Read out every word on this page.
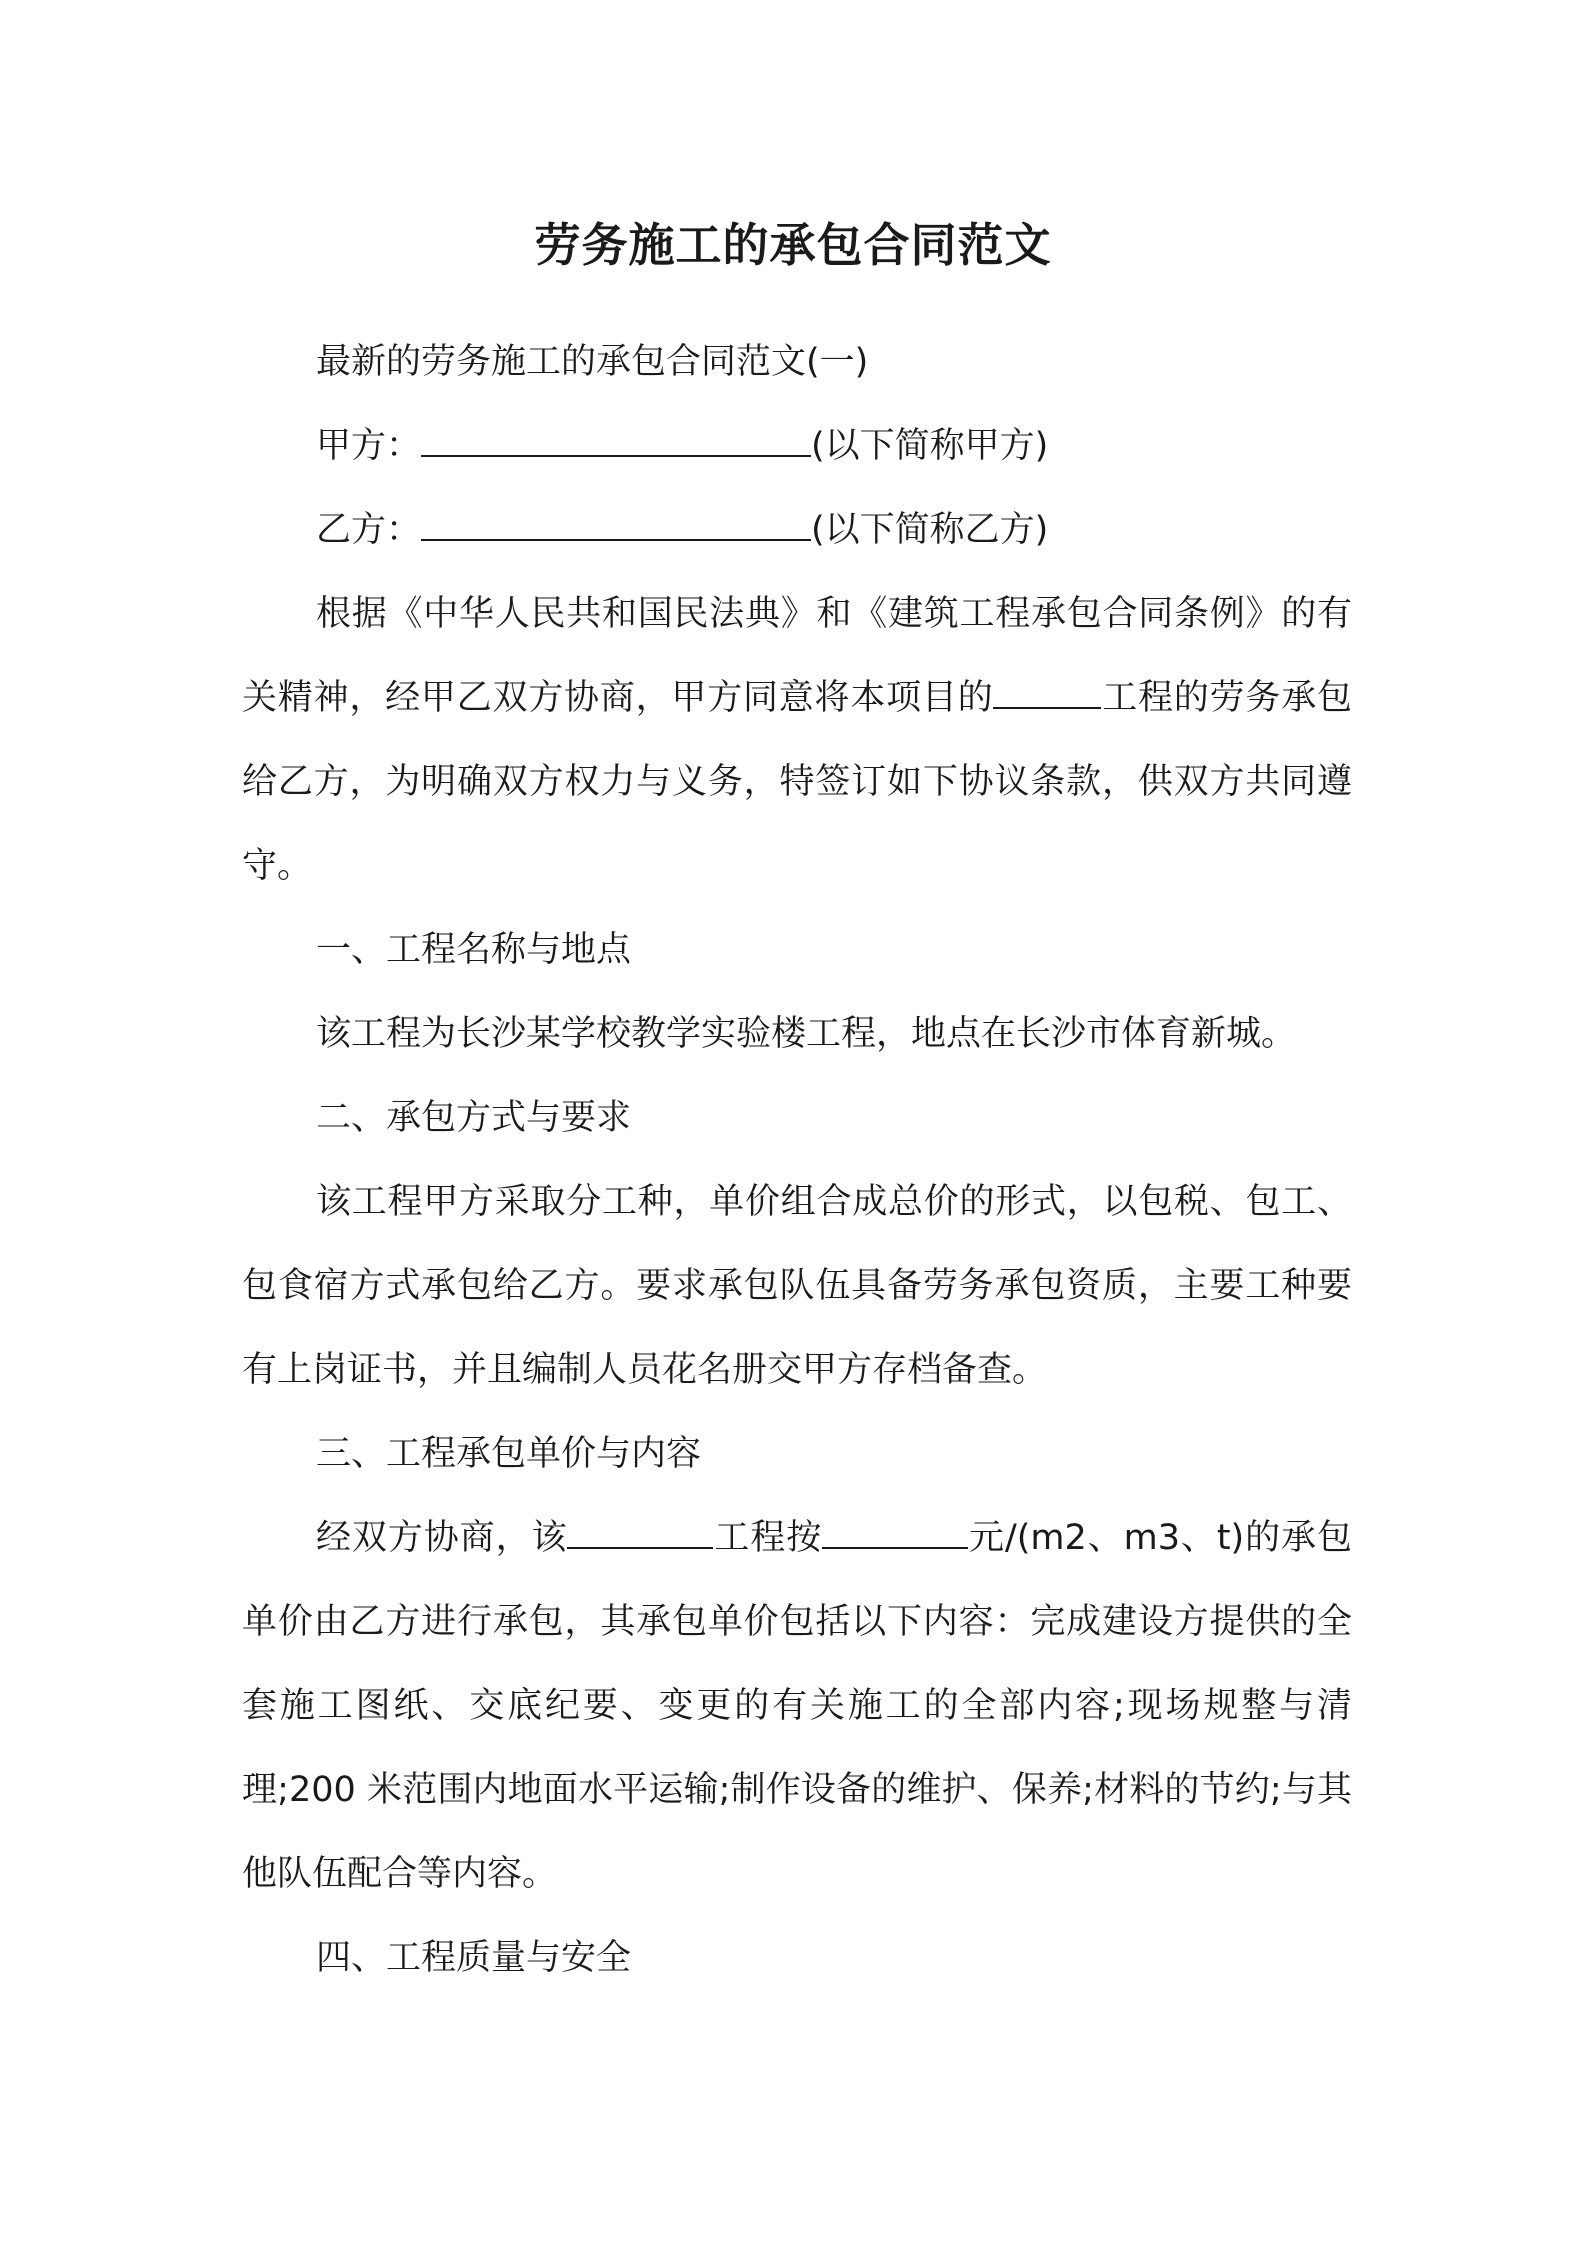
劳务施工的承包合同范文

最新的劳务施工的承包合同范文(一)

甲方：	(以下简称甲方)

乙方：	(以下简称乙方)

根据《中华人民共和国民法典》和《建筑工程承包合同条例》的有关精神，经甲乙双方协商，甲方同意将本项目的	工程的劳务承包给乙方，为明确双方权力与义务，特签订如下协议条款，供双方共同遵守。

一、工程名称与地点

该工程为长沙某学校教学实验楼工程，地点在长沙市体育新城。

二、承包方式与要求

该工程甲方采取分工种，单价组合成总价的形式，以包税、包工、包食宿方式承包给乙方。要求承包队伍具备劳务承包资质，主要工种要有上岗证书，并且编制人员花名册交甲方存档备查。

三、工程承包单价与内容

经双方协商，该	工程按	元/(m2、m3、t)的承包单价由乙方进行承包，其承包单价包括以下内容：完成建设方提供的全套施工图纸、交底纪要、变更的有关施工的全部内容;现场规整与清理;200 米范围内地面水平运输;制作设备的维护、保养;材料的节约;与其他队伍配合等内容。

四、工程质量与安全
